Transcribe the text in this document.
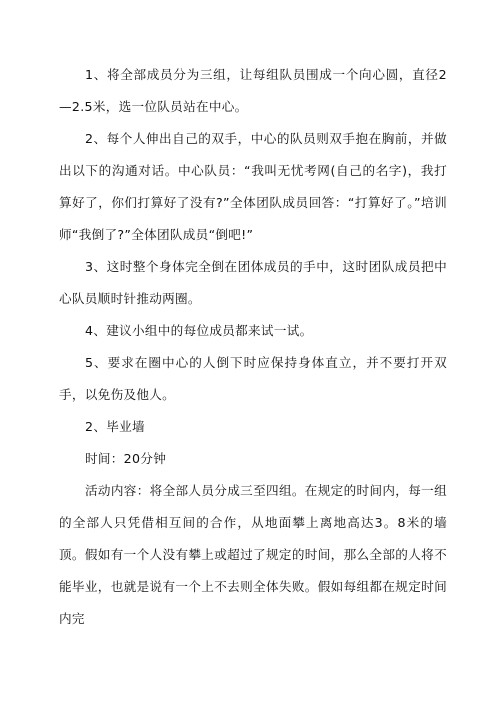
1、将全部成员分为三组，让每组队员围成一个向心圆，直径2—2.5米，选一位队员站在中心。

2、每个人伸出自己的双手，中心的队员则双手抱在胸前，并做出以下的沟通对话。中心队员：“我叫无忧考网(自己的名字)，我打算好了，你们打算好了没有?”全体团队成员回答：“打算好了。”培训师“我倒了?”全体团队成员“倒吧!”

3、这时整个身体完全倒在团体成员的手中，这时团队成员把中心队员顺时针推动两圈。

4、建议小组中的每位成员都来试一试。

5、要求在圈中心的人倒下时应保持身体直立，并不要打开双手，以免伤及他人。

2、毕业墙

时间：20分钟

活动内容：将全部人员分成三至四组。在规定的时间内，每一组的全部人只凭借相互间的合作，从地面攀上离地高达3。8米的墙顶。假如有一个人没有攀上或超过了规定的时间，那么全部的人将不能毕业，也就是说有一个上不去则全体失败。假如每组都在规定时间内完
